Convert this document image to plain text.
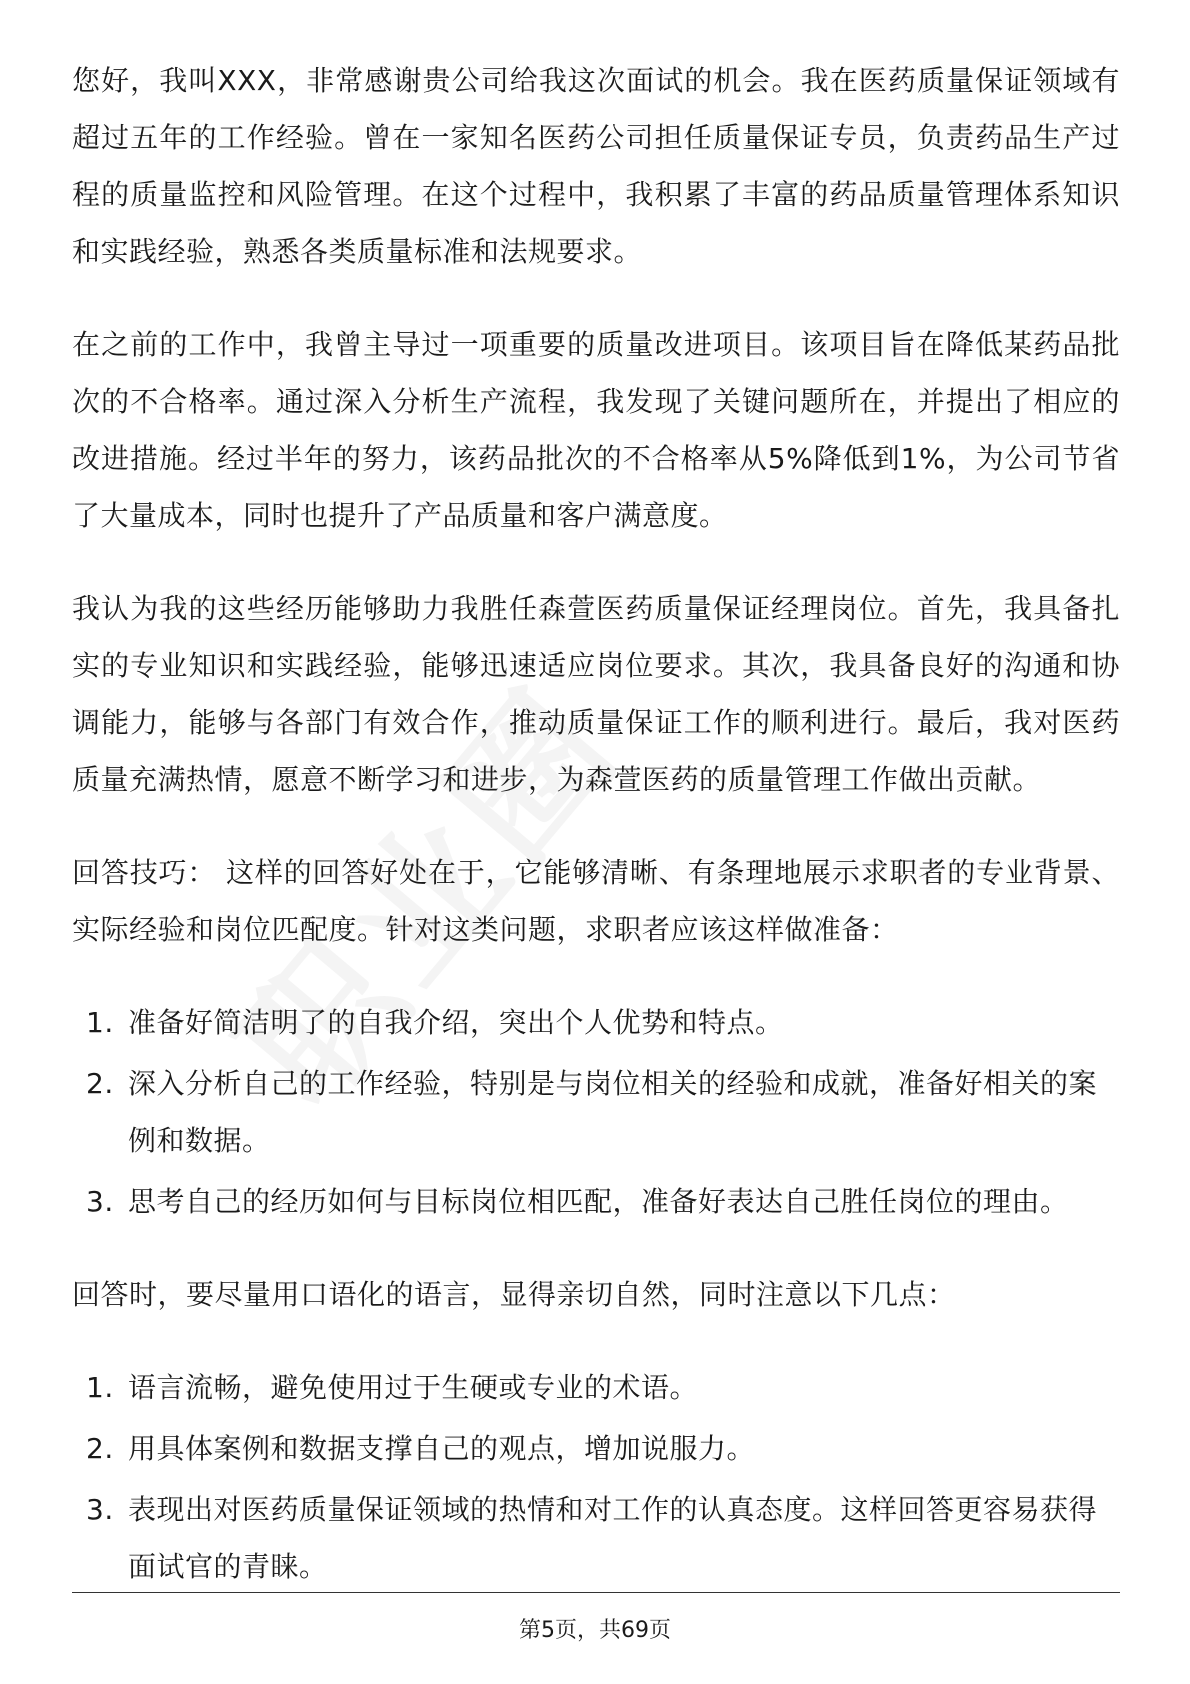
您好，我叫XXX，非常感谢贵公司给我这次面试的机会。我在医药质量保证领域有超过五年的工作经验。曾在一家知名医药公司担任质量保证专员，负责药品生产过程的质量监控和风险管理。在这个过程中，我积累了丰富的药品质量管理体系知识和实践经验，熟悉各类质量标准和法规要求。

在之前的工作中，我曾主导过一项重要的质量改进项目。该项目旨在降低某药品批次的不合格率。通过深入分析生产流程，我发现了关键问题所在，并提出了相应的改进措施。经过半年的努力，该药品批次的不合格率从5%降低到1%，为公司节省了大量成本，同时也提升了产品质量和客户满意度。

我认为我的这些经历能够助力我胜任森萱医药质量保证经理岗位。首先，我具备扎实的专业知识和实践经验，能够迅速适应岗位要求。其次，我具备良好的沟通和协调能力，能够与各部门有效合作，推动质量保证工作的顺利进行。最后，我对医药质量充满热情，愿意不断学习和进步，为森萱医药的质量管理工作做出贡献。

回答技巧： 这样的回答好处在于，它能够清晰、有条理地展示求职者的专业背景、实际经验和岗位匹配度。针对这类问题，求职者应该这样做准备：

1. 准备好简洁明了的自我介绍，突出个人优势和特点。
2. 深入分析自己的工作经验，特别是与岗位相关的经验和成就，准备好相关的案例和数据。
3. 思考自己的经历如何与目标岗位相匹配，准备好表达自己胜任岗位的理由。

回答时，要尽量用口语化的语言，显得亲切自然，同时注意以下几点：

1. 语言流畅，避免使用过于生硬或专业的术语。
2. 用具体案例和数据支撑自己的观点，增加说服力。
3. 表现出对医药质量保证领域的热情和对工作的认真态度。这样回答更容易获得面试官的青睐。
第5页，共69页
